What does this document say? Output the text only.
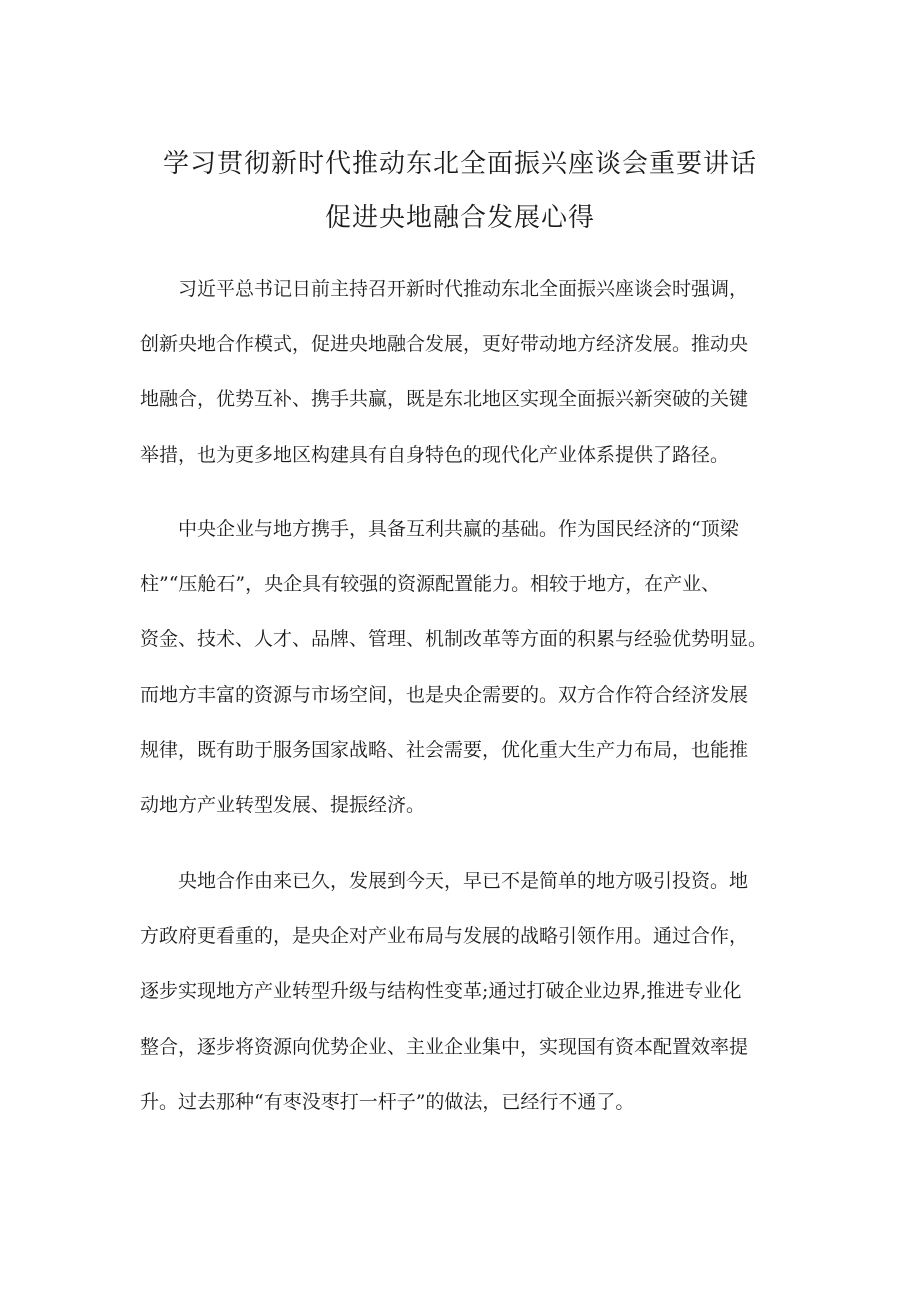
学习贯彻新时代推动东北全面振兴座谈会重要讲话
促进央地融合发展心得
习近平总书记日前主持召开新时代推动东北全面振兴座谈会时强调，
创新央地合作模式，促进央地融合发展，更好带动地方经济发展。推动央
地融合，优势互补、携手共赢，既是东北地区实现全面振兴新突破的关键
举措，也为更多地区构建具有自身特色的现代化产业体系提供了路径。
中央企业与地方携手，具备互利共赢的基础。作为国民经济的“顶梁
柱”“压舱石”，央企具有较强的资源配置能力。相较于地方，在产业、
资金、技术、人才、品牌、管理、机制改革等方面的积累与经验优势明显。
而地方丰富的资源与市场空间，也是央企需要的。双方合作符合经济发展
规律，既有助于服务国家战略、社会需要，优化重大生产力布局，也能推
动地方产业转型发展、提振经济。
央地合作由来已久，发展到今天，早已不是简单的地方吸引投资。地
方政府更看重的，是央企对产业布局与发展的战略引领作用。通过合作，
逐步实现地方产业转型升级与结构性变革;通过打破企业边界,推进专业化
整合，逐步将资源向优势企业、主业企业集中，实现国有资本配置效率提
升。过去那种“有枣没枣打一杆子”的做法，已经行不通了。
